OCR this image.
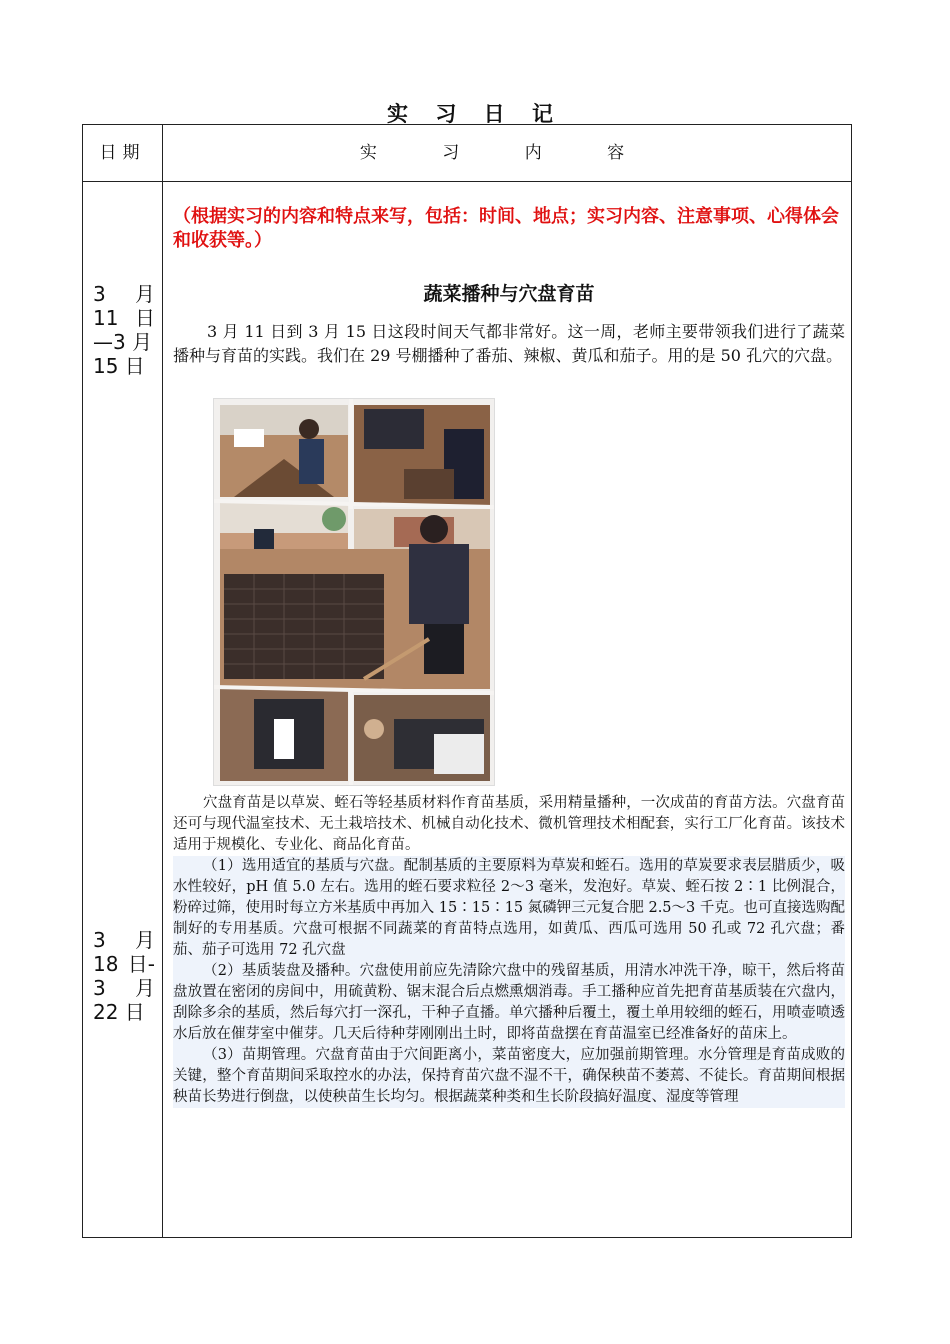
实 习 日 记
日期	实 习 内 容
3 月
11 日
—3 月
15 日
3 月
18 日-
3 月
22 日
（根据实习的内容和特点来写，包括：时间、地点；实习内容、注意事项、心得体会和收获等。）
蔬菜播种与穴盘育苗
3 月 11 日到 3 月 15 日这段时间天气都非常好。这一周，老师主要带领我们进行了蔬菜播种与育苗的实践。我们在 29 号棚播种了番茄、辣椒、黄瓜和茄子。用的是 50 孔穴的穴盘。

穴盘育苗是以草炭、蛭石等轻基质材料作育苗基质，采用精量播种，一次成苗的育苗方法。穴盘育苗还可与现代温室技术、无土栽培技术、机械自动化技术、微机管理技术相配套，实行工厂化育苗。该技术适用于规模化、专业化、商品化育苗。

（1）选用适宜的基质与穴盘。配制基质的主要原料为草炭和蛭石。选用的草炭要求表层腊质少，吸水性较好，pH 值 5.0 左右。选用的蛭石要求粒径 2～3 毫米，发泡好。草炭、蛭石按 2∶1 比例混合，粉碎过筛，使用时每立方米基质中再加入 15∶15∶15 氮磷钾三元复合肥 2.5～3 千克。也可直接选购配制好的专用基质。穴盘可根据不同蔬菜的育苗特点选用，如黄瓜、西瓜可选用 50 孔或 72 孔穴盘；番茄、茄子可选用 72 孔穴盘

（2）基质装盘及播种。穴盘使用前应先清除穴盘中的残留基质，用清水冲洗干净，晾干，然后将苗盘放置在密闭的房间中，用硫黄粉、锯末混合后点燃熏烟消毒。手工播种应首先把育苗基质装在穴盘内，刮除多余的基质，然后每穴打一深孔，干种子直播。单穴播种后覆土，覆土单用较细的蛭石，用喷壶喷透水后放在催芽室中催芽。几天后待种芽刚刚出土时，即将苗盘摆在育苗温室已经准备好的苗床上。

（3）苗期管理。穴盘育苗由于穴间距离小，菜苗密度大，应加强前期管理。水分管理是育苗成败的关键，整个育苗期间采取控水的办法，保持育苗穴盘不湿不干，确保秧苗不萎蔫、不徒长。育苗期间根据秧苗长势进行倒盘，以使秧苗生长均匀。根据蔬菜种类和生长阶段搞好温度、湿度等管理
